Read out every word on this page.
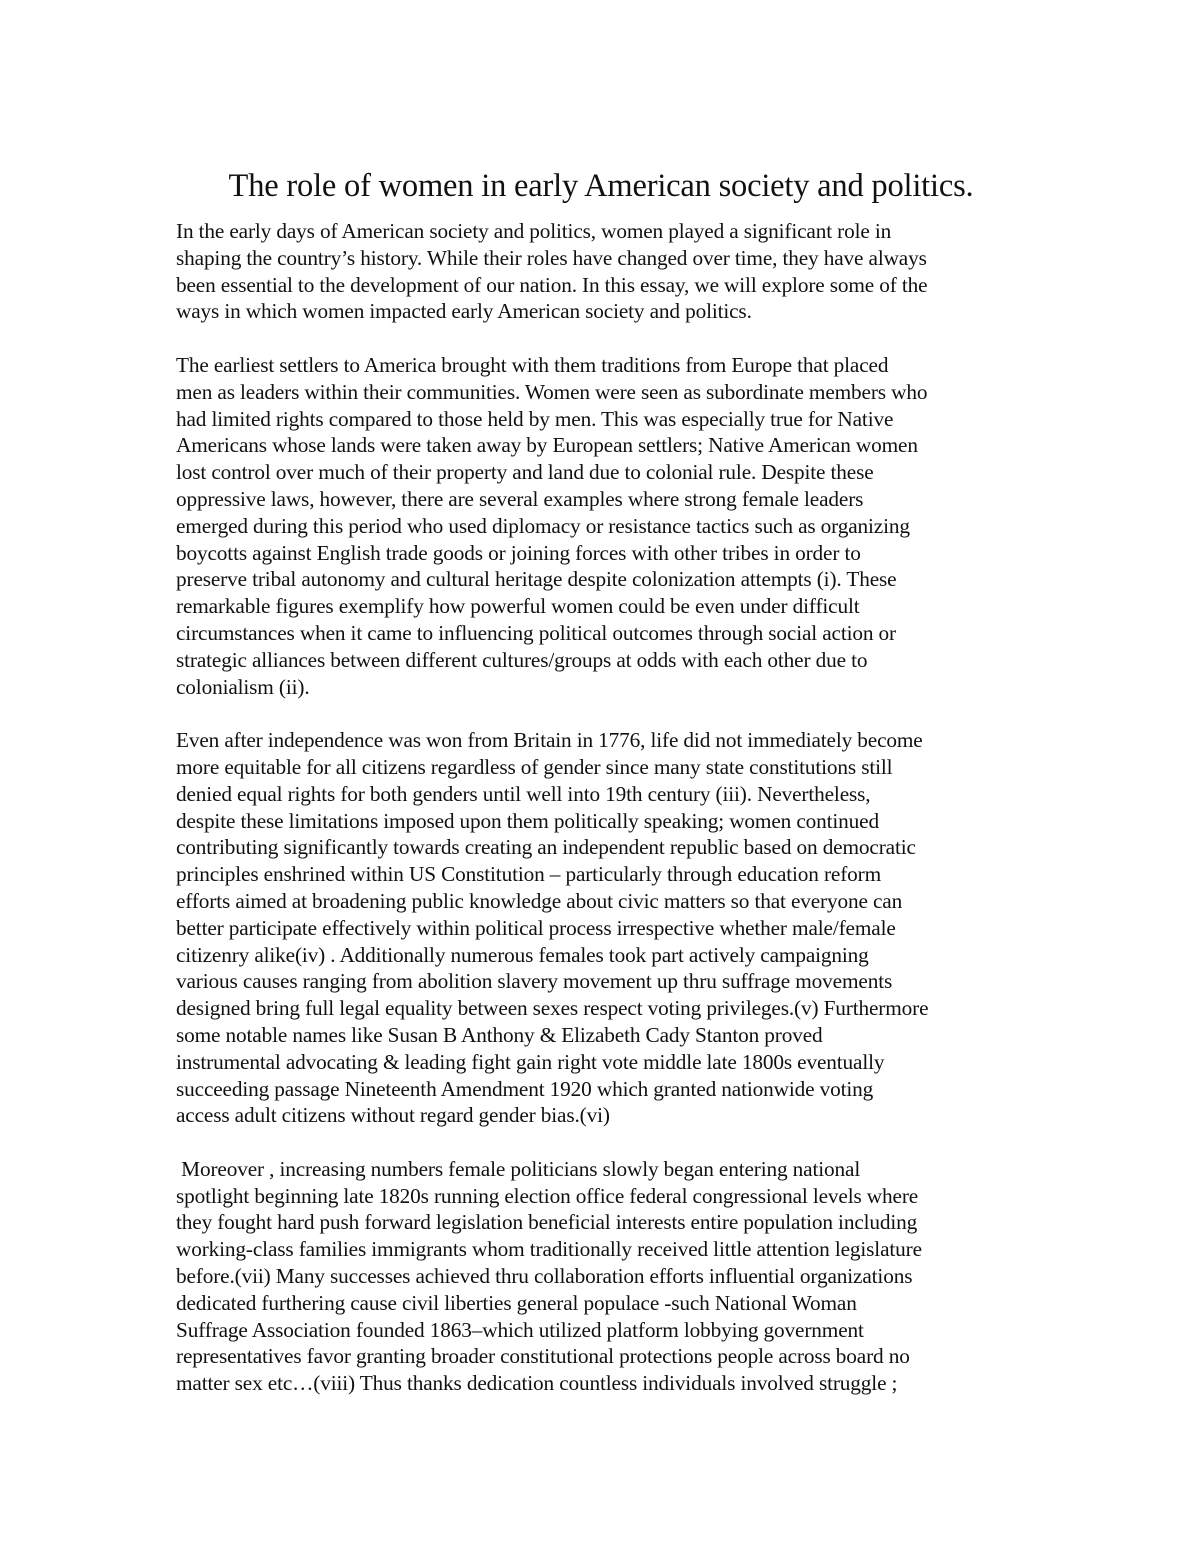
The role of women in early American society and politics.

In the early days of American society and politics, women played a significant role in
shaping the country’s history. While their roles have changed over time, they have always
been essential to the development of our nation. In this essay, we will explore some of the
ways in which women impacted early American society and politics.

The earliest settlers to America brought with them traditions from Europe that placed
men as leaders within their communities. Women were seen as subordinate members who
had limited rights compared to those held by men. This was especially true for Native
Americans whose lands were taken away by European settlers; Native American women
lost control over much of their property and land due to colonial rule. Despite these
oppressive laws, however, there are several examples where strong female leaders
emerged during this period who used diplomacy or resistance tactics such as organizing
boycotts against English trade goods or joining forces with other tribes in order to
preserve tribal autonomy and cultural heritage despite colonization attempts (i). These
remarkable figures exemplify how powerful women could be even under difficult
circumstances when it came to influencing political outcomes through social action or
strategic alliances between different cultures/groups at odds with each other due to
colonialism (ii).

Even after independence was won from Britain in 1776, life did not immediately become
more equitable for all citizens regardless of gender since many state constitutions still
denied equal rights for both genders until well into 19th century (iii). Nevertheless,
despite these limitations imposed upon them politically speaking; women continued
contributing significantly towards creating an independent republic based on democratic
principles enshrined within US Constitution – particularly through education reform
efforts aimed at broadening public knowledge about civic matters so that everyone can
better participate effectively within political process irrespective whether male/female
citizenry alike(iv) . Additionally numerous females took part actively campaigning
various causes ranging from abolition slavery movement up thru suffrage movements
designed bring full legal equality between sexes respect voting privileges.(v) Furthermore
some notable names like Susan B Anthony & Elizabeth Cady Stanton proved
instrumental advocating & leading fight gain right vote middle late 1800s eventually
succeeding passage Nineteenth Amendment 1920 which granted nationwide voting
access adult citizens without regard gender bias.(vi)

Moreover , increasing numbers female politicians slowly began entering national
spotlight beginning late 1820s running election office federal congressional levels where
they fought hard push forward legislation beneficial interests entire population including
working-class families immigrants whom traditionally received little attention legislature
before.(vii) Many successes achieved thru collaboration efforts influential organizations
dedicated furthering cause civil liberties general populace -such National Woman
Suffrage Association founded 1863–which utilized platform lobbying government
representatives favor granting broader constitutional protections people across board no
matter sex etc…(viii) Thus thanks dedication countless individuals involved struggle ;
